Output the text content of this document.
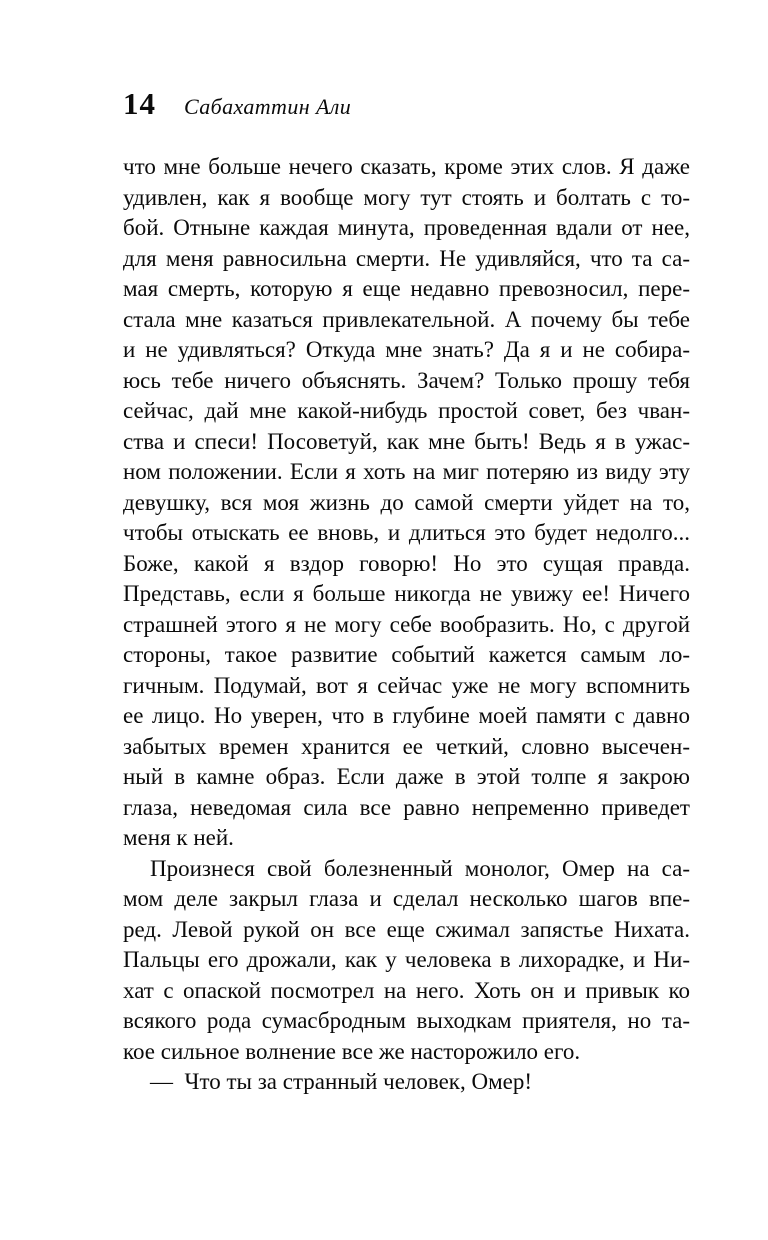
14 Сабахаттин Али
что мне больше нечего сказать, кроме этих слов. Я даже
удивлен, как я вообще могу тут стоять и болтать с то-
бой. Отныне каждая минута, проведенная вдали от нее,
для меня равносильна смерти. Не удивляйся, что та са-
мая смерть, которую я еще недавно превозносил, пере-
стала мне казаться привлекательной. А почему бы тебе
и не удивляться? Откуда мне знать? Да я и не собира-
юсь тебе ничего объяснять. Зачем? Только прошу тебя
сейчас, дай мне какой-нибудь простой совет, без чван-
ства и спеси! Посоветуй, как мне быть! Ведь я в ужас-
ном положении. Если я хоть на миг потеряю из виду эту
девушку, вся моя жизнь до самой смерти уйдет на то,
чтобы отыскать ее вновь, и длиться это будет недолго...
Боже, какой я вздор говорю! Но это сущая правда.
Представь, если я больше никогда не увижу ее! Ничего
страшней этого я не могу себе вообразить. Но, с другой
стороны, такое развитие событий кажется самым ло-
гичным. Подумай, вот я сейчас уже не могу вспомнить
ее лицо. Но уверен, что в глубине моей памяти с давно
забытых времен хранится ее четкий, словно высечен-
ный в камне образ. Если даже в этой толпе я закрою
глаза, неведомая сила все равно непременно приведет
меня к ней.
Произнеся свой болезненный монолог, Омер на са-
мом деле закрыл глаза и сделал несколько шагов впе-
ред. Левой рукой он все еще сжимал запястье Нихата.
Пальцы его дрожали, как у человека в лихорадке, и Ни-
хат с опаской посмотрел на него. Хоть он и привык ко
всякого рода сумасбродным выходкам приятеля, но та-
кое сильное волнение все же насторожило его.
— Что ты за странный человек, Омер!
